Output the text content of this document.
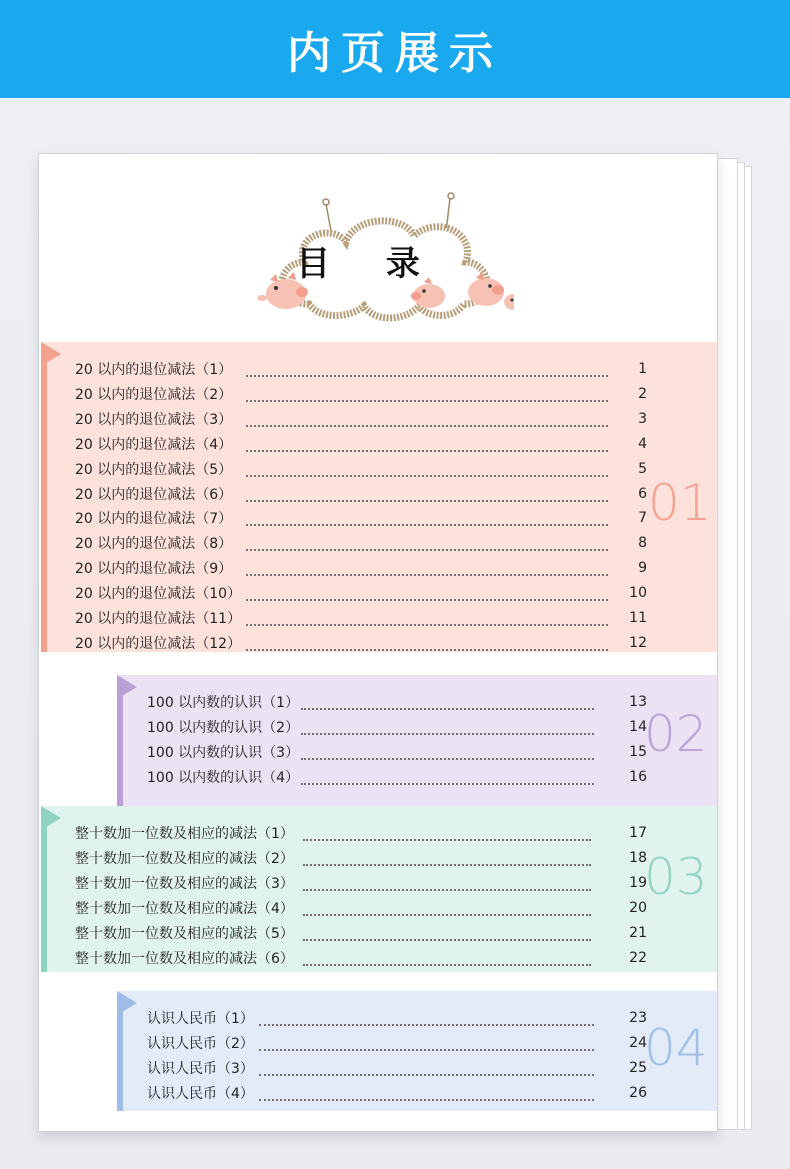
内页展示
目 录
20 以内的退位减法（1）	1
20 以内的退位减法（2）	2
20 以内的退位减法（3）	3
20 以内的退位减法（4）	4
20 以内的退位减法（5）	5
20 以内的退位减法（6）	6
20 以内的退位减法（7）	7
20 以内的退位减法（8）	8
20 以内的退位减法（9）	9
20 以内的退位减法（10）	10
20 以内的退位减法（11）	11
20 以内的退位减法（12）	12
01
100 以内数的认识（1）	13
100 以内数的认识（2）	14
100 以内数的认识（3）	15
100 以内数的认识（4）	16
02
整十数加一位数及相应的减法（1）	17
整十数加一位数及相应的减法（2）	18
整十数加一位数及相应的减法（3）	19
整十数加一位数及相应的减法（4）	20
整十数加一位数及相应的减法（5）	21
整十数加一位数及相应的减法（6）	22
03
认识人民币（1）	23
认识人民币（2）	24
认识人民币（3）	25
认识人民币（4）	26
04
